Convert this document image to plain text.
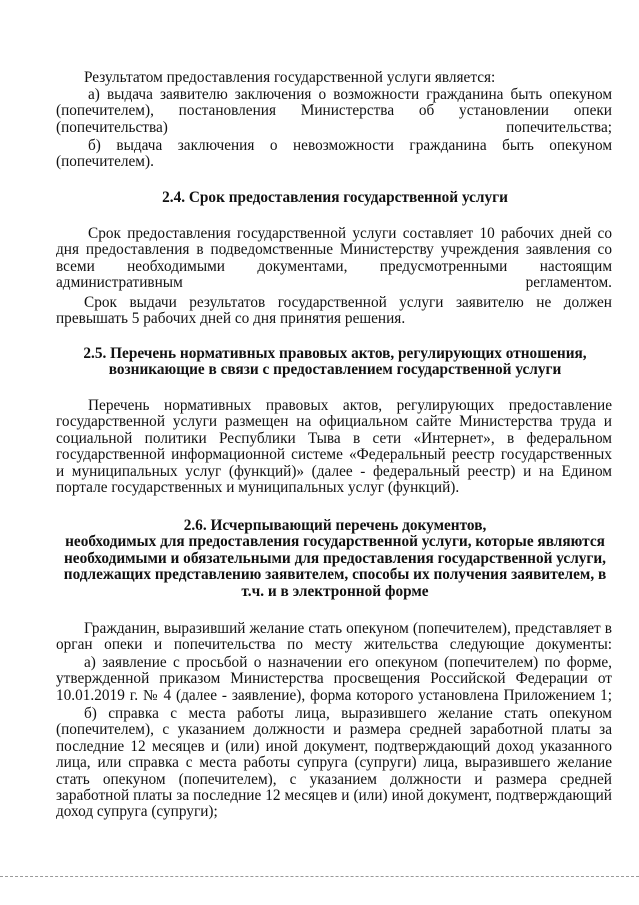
Результатом предоставления государственной услуги является:

а) выдача заявителю заключения о возможности гражданина быть опекуном (попечителем), постановления Министерства об установлении опеки (попечительства) попечительства;

б) выдача заключения о невозможности гражданина быть опекуном (попечителем).

2.4. Срок предоставления государственной услуги

Срок предоставления государственной услуги составляет 10 рабочих дней со дня предоставления в подведомственные Министерству учреждения заявления со всеми необходимыми документами, предусмотренными настоящим административным регламентом.

Срок выдачи результатов государственной услуги заявителю не должен превышать 5 рабочих дней со дня принятия решения.

2.5. Перечень нормативных правовых актов, регулирующих отношения,
возникающие в связи с предоставлением государственной услуги

Перечень нормативных правовых актов, регулирующих предоставление государственной услуги размещен на официальном сайте Министерства труда и социальной политики Республики Тыва в сети «Интернет», в федеральном государственной информационной системе «Федеральный реестр государственных и муниципальных услуг (функций)» (далее - федеральный реестр) и на Едином портале государственных и муниципальных услуг (функций).

2.6. Исчерпывающий перечень документов,
необходимых для предоставления государственной услуги, которые являются
необходимыми и обязательными для предоставления государственной услуги,
подлежащих представлению заявителем, способы их получения заявителем, в
т.ч. и в электронной форме

Гражданин, выразивший желание стать опекуном (попечителем), представляет в орган опеки и попечительства по месту жительства следующие документы:

а) заявление с просьбой о назначении его опекуном (попечителем) по форме, утвержденной приказом Министерства просвещения Российской Федерации от 10.01.2019 г. № 4 (далее - заявление), форма которого установлена Приложением 1;

б) справка с места работы лица, выразившего желание стать опекуном (попечителем), с указанием должности и размера средней заработной платы за последние 12 месяцев и (или) иной документ, подтверждающий доход указанного лица, или справка с места работы супруга (супруги) лица, выразившего желание стать опекуном (попечителем), с указанием должности и размера средней заработной платы за последние 12 месяцев и (или) иной документ, подтверждающий доход супруга (супруги);
